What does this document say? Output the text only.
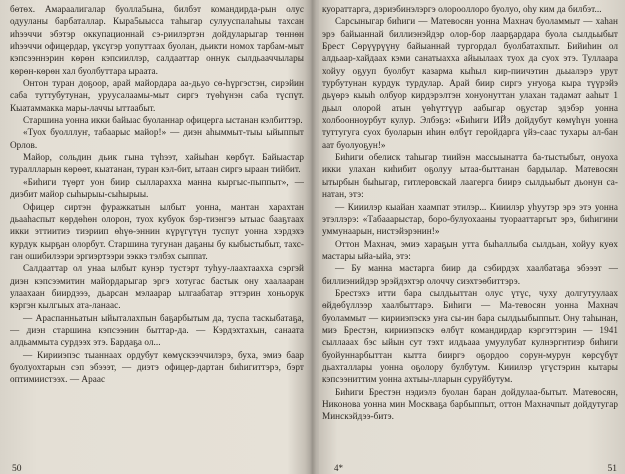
бөтөх. Амараалигалар буолла5ына, билбэт командирда-рын олус одууланы барбаталлар. Кыра5ыысса таһыгар сулууспалаһыы тахсан иһээччи эбэтэр оккупационнай сэ-риилэртэн дойдуларыгар төннөн иһээччи офицердар, үксүгэр уопуттаах буолан, дьикти номох тарбам-мыт кэпсээннэрин көрөн кэпсииллэр, салдааттар оннук сылдьааччылары көрөн-көрөн хал буолбуттара ыраата.

Онтон туран доҕоор, арай майордара аа-дьуо сө-һүргэстэн, сирэйин саба туттубутунан, уруусалаамы-мыт сиргэ түөһүнэн саба түспүт. Кыатаммакка мары-лаччы ыттаабыт.

Старшина уонна икки байыас буоланнар офицерга ыстанан кэлбиттэр.

«Туох буолллуҥ, табаарыс майор!» — диэн аһыммыт-тыы ыйыппыт Орлов.

Майор, сольдин дьик гына түһээт, хайыһан көрбүт. Байыастар тураллларын көрөөт, кыатанан, туран кэл-бит, ытаан сиргэ ыраан тийбит.

«Биһиги түөрт уон биир сылларахха манна кыргыс-пыппыт», — диэбит майор сыһырыы-сыһырыы.

Офицер сиртэн фуражкатын ылбыт уонна, мантан харахтан дьааһаспыт көрдөһөн олорон, туох кубуок бэр-тиэнгээ ытыас бааҕтаах икки эттиитиэ тиэриип өһүө-эннин күрүгүтүн туспут уонна хэрдэхэ курдук кырҕан олорбут. Старшина тугунан даҕаны бу кыбыстыбыт, тахс-ган ошибилээри эргиэртээри ээккэ тэлбэх сыппат.

Салдааттар ол унаа ылбыт кунэр тустэрт туһуу-лаахтаахха сэргэй диэн кэпсээмитин майордарыгар эргэ хотугас бастык ону хаалааран улаахаан биирдэээ, дьарсан мэлаарар ылгаабатар эттэрин хоньорук кэргэн кылгыых ата-ланаас.

— Араспанньатын ыйыталахпын баҕарбытым да, туспа таскыбатаҕа, — диэн старшина кэпсээнин быттар-да. — Кэрдэхтахын, санаата алдьаммыта сурдээх этэ. Бардаҕа ол...

— Кирииэпэс тыаннаах ордубут көмүскээччилэрэ, буха, эмиэ баар буолуохтарын сэп эбэээт, — диэтэ офицер-дартан биһигиттэрэ, бэрт оптимиистээх. — Араас

куораттарга, дэриэбинэлэргэ олорооллоро буолуо, оһу ким да билбэт...

Сарсыныгар биһиги — Матевосян уонна Махнач буоламмыт — хаһан эрэ байыаннай биллиэнэйдэр олор-бор лаарҕардара буола сылдьыбыт Брест Сөрүүрүүну байыаннай тургордал буолбатахпыт. Бийиһин ол алдьаар-хайдаах кэми санатыахха айыылаах туох да суох этэ. Туллаара хойуу оҕууп буолбут казарма кыһыл кир-пиичэтин дьыалэрэ урут турбутунан курдук турдулар. Арай биир сиргэ уҥуоҕа кыра түүрэйэ дьүөрэ кыыһ олбуор кирдэрэлтэн хонуонуттан улахан тадамат ааһыт 1 дьыл олорой атын үөһүттүүр аабыгар оҕустар эдэбэр уонна холбоонноурбут кулур. Элбэҕэ: «Биһиги ИЙэ дойдубут көмүһүн уонна туттугуга суох буоларын иһин өлбүт геройдарга үйэ-саас тухары ал-бан аат буолуоҕун!»

Биһиги обелиск таһыгар тиийэн массыынатта ба-тыстыбыт, онуоха икки улахан киһибит оҕолуу ытаа-быттанан бардылар. Матевосян ытырбын быһыгар, гитлеровскай лаагерга биирэ сылдьыбыт дьонун са-натан, этэ:

— Кииилэр кыайан хаампат этилэр... Кииилэр уһуутэр эрэ этэ уонна этэллэрэ: «Табааарыстар, боро-булуохааны туорааттаргыт эрэ, биһигини уммунаарын, нистэйэрэнин!»

Оттон Махнач, эмиэ хараҕын утта быһаллыба сылдьан, хойуу куөх мастары ыйа-ыйа, этэ:

— Бу манна мастарга биир да сэбирдэх хаалбатаҕа эбэээт — биллиэнийдэр эрэйдэхтэр олоччу сиэхтэөбиттэрэ.

Брестэхэ итти бара сылдьыттан олус үтүс, чуху долгутуулаах өйдөбүллээр хаалбыттарэ. Биһиги — Ма-тевосян уонна Махнач буоламмыт — кирииэпэскэ уҥа сы-ин бара сылдьыбыппыт. Ону таһынан, миэ Брестэн, кирииэпэскэ өлбүт командирдар кэргэттэрин — 1941 сыллааах бэс ыйын сут тэхт илдьааа умуулубат кулнэргнтиэр биһиги буойуннарбыттан кытта бииргэ оҕордоо сорун-мурун көрсүбүт дьахталлары уонна оҕолору булбутум. Кииилэр үгүстэрин кытары кэпсээниттим уонна ахтыы-лларын суруйбутум.

Биһиги Брестэн нэдиэлэ буолан баран дойдулаа-бытыт. Матевосян, Никонова уонна мин Москваҕа барбыппыт, оттон Махначпыт дойдутугар Минскэйдээ-битэ.

50	4*	51
